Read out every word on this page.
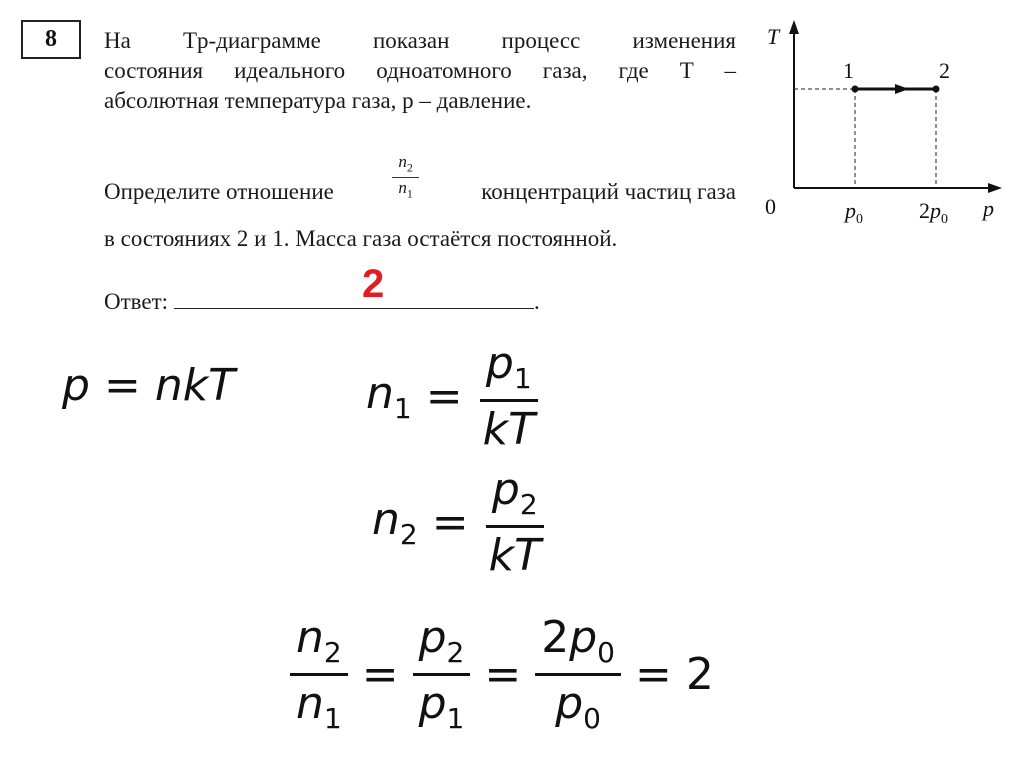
8 На Tp-диаграмме показан процесс изменения
состояния идеального одноатомного газа, где T –
абсолютная температура газа, p – давление.
Определите отношение	$\frac{n_2}{n_1}$	концентраций частиц газа
в состояниях 2 и 1. Масса газа остаётся постоянной.
Ответ:	.
2
T
1	2
0	$p_0$	$2p_0$ p
p = nkT	$n_1 = \frac{p_1}{kT}$
$n_2 = \frac{p_2}{kT}$
$\frac{n_2}{n_1} = \frac{p_2}{p_1} = \frac{2p_0}{p_0} = 2$
